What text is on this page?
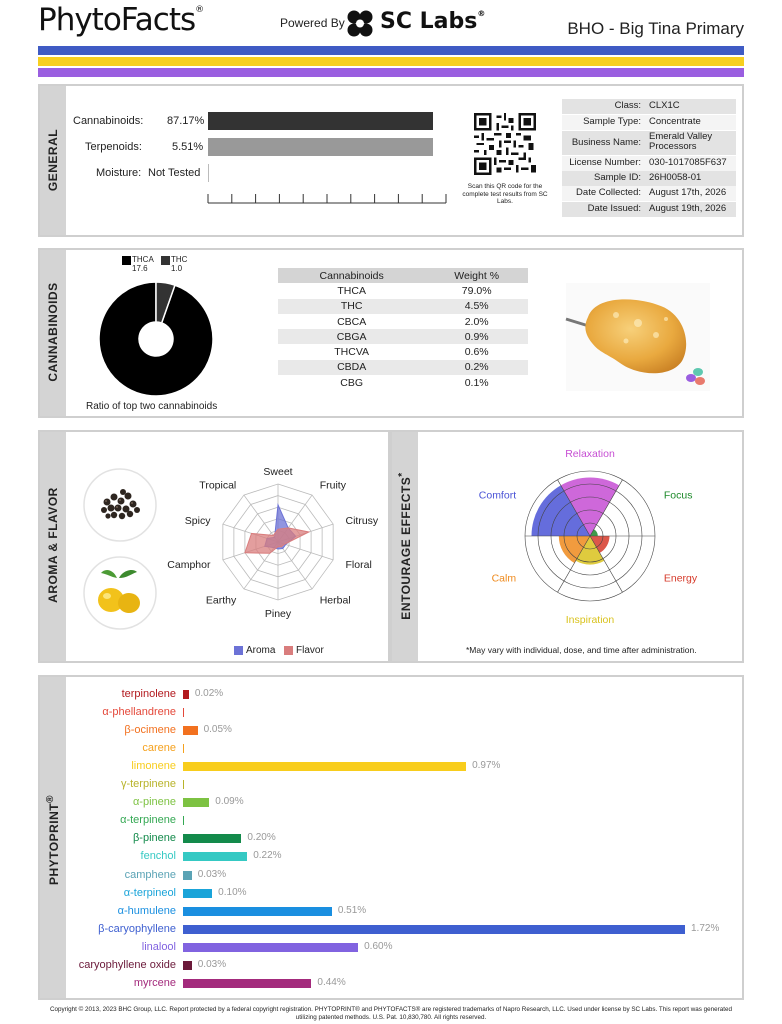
PhytoFacts®
Powered By SC Labs®
BHO - Big Tina Primary
GENERAL
Cannabinoids: 87.17%
Terpenoids:	5.51%
Moisture: Not Tested
Scan this QR code for the complete test results from SC Labs.
Class: CLX1C
Sample Type: Concentrate
Business Name:
Emerald Valley Processors
License Number: 030-1017085F637
Sample ID: 26H0058-01
Date Collected: August 17th, 2026
Date Issued: August 19th, 2026
CANNABINOIDS
THCA
17.6
THC
1.0
Ratio of top two cannabinoids
Cannabinoids	Weight %
THCA	79.0%
THC	4.5%
CBCA	2.0%
CBGA	0.9%
THCVA	0.6%
CBDA	0.2%
CBG	0.1%
AROMA & FLAVOR
Sweet
Fruity
Citrusy
Floral
Herbal
Piney
Earthy
Camphor
Spicy
Tropical
Aroma Flavor
ENTOURAGE EFFECTS*
Relaxation
Focus
Energy
Inspiration
Calm
Comfort
*May vary with individual, dose, and time after administration.
PHYTOPRINT®
terpinolene 0.02%
α-phellandrene
β-ocimene	0.05%
carene
limonene	0.97%
γ-terpinene
α-pinene	0.09%
α-terpinene
β-pinene	0.20%
fenchol	0.22%
camphene 0.03%
α-terpineol	0.10%
α-humulene	0.51%
β-caryophyllene	1.72%
linalool	0.60%
caryophyllene oxide 0.03%
myrcene	0.44%
Copyright © 2013, 2023 BHC Group, LLC. Report protected by a federal copyright registration. PHYTOPRINT® and PHYTOFACTS® are registered trademarks of Napro Research, LLC. Used under license by SC Labs. This report was generated utilizing patented methods. U.S. Pat. 10,830,780. All rights reserved.
